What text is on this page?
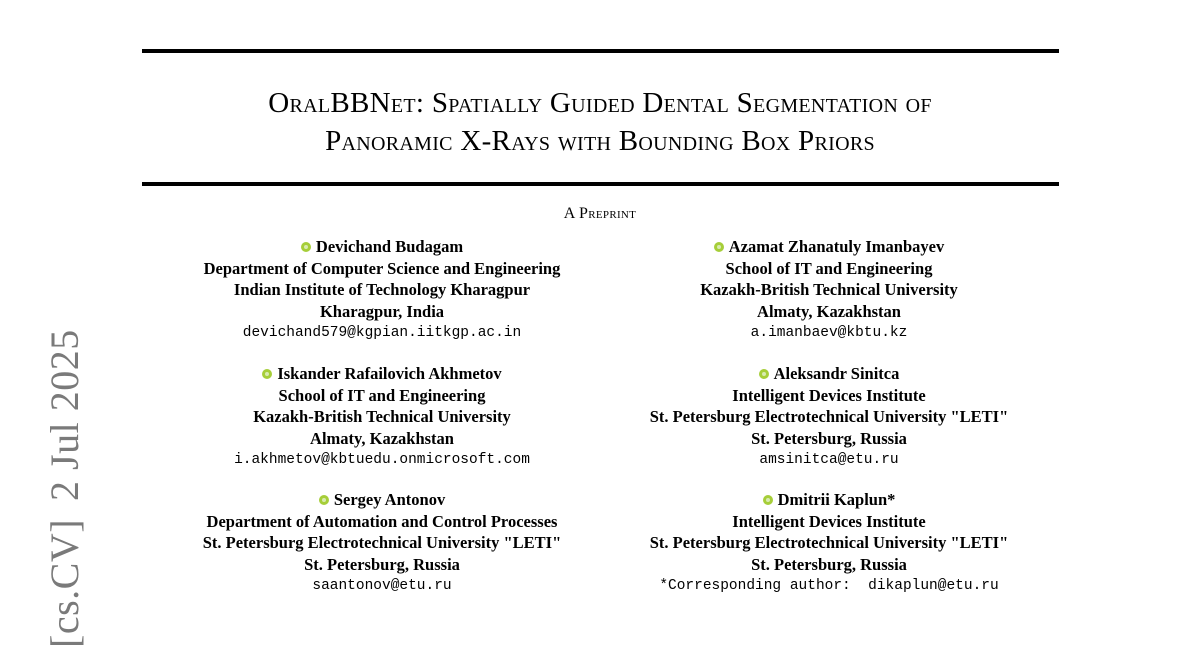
OralBBNet: Spatially Guided Dental Segmentation of
Panoramic X-Rays with Bounding Box Priors
A Preprint
Devichand Budagam
Department of Computer Science and Engineering
Indian Institute of Technology Kharagpur
Kharagpur, India
devichand579@kgpian.iitkgp.ac.in
Azamat Zhanatuly Imanbayev
School of IT and Engineering
Kazakh-British Technical University
Almaty, Kazakhstan
a.imanbaev@kbtu.kz
Iskander Rafailovich Akhmetov
School of IT and Engineering
Kazakh-British Technical University
Almaty, Kazakhstan
i.akhmetov@kbtuedu.onmicrosoft.com
Aleksandr Sinitca
Intelligent Devices Institute
St. Petersburg Electrotechnical University "LETI"
St. Petersburg, Russia
amsinitca@etu.ru
Sergey Antonov
Department of Automation and Control Processes
St. Petersburg Electrotechnical University "LETI"
St. Petersburg, Russia
saantonov@etu.ru
Dmitrii Kaplun*
Intelligent Devices Institute
St. Petersburg Electrotechnical University "LETI"
St. Petersburg, Russia
*Corresponding author:  dikaplun@etu.ru
[cs.CV]2 Jul 2025
